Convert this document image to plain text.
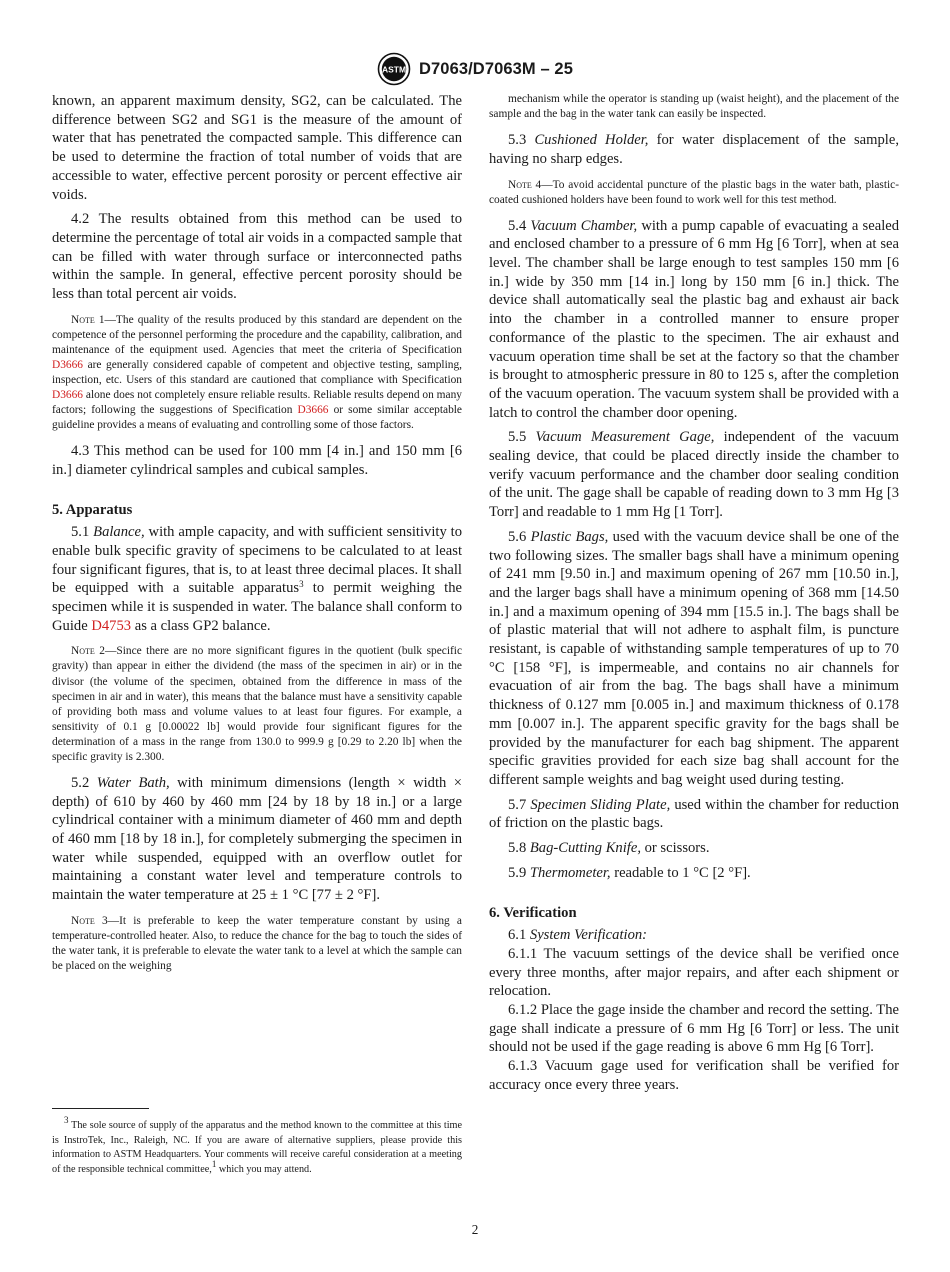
ASTM D7063/D7063M – 25

known, an apparent maximum density, SG2, can be calculated. The difference between SG2 and SG1 is the measure of the amount of water that has penetrated the compacted sample. This difference can be used to determine the fraction of total number of voids that are accessible to water, effective percent porosity or percent effective air voids.

4.2 The results obtained from this method can be used to determine the percentage of total air voids in a compacted sample that can be filled with water through surface or interconnected paths within the sample. In general, effective percent porosity should be less than total percent air voids.

Note 1—The quality of the results produced by this standard are dependent on the competence of the personnel performing the procedure and the capability, calibration, and maintenance of the equipment used. Agencies that meet the criteria of Specification D3666 are generally considered capable of competent and objective testing, sampling, inspection, etc. Users of this standard are cautioned that compliance with Specification D3666 alone does not completely ensure reliable results. Reliable results depend on many factors; following the suggestions of Specification D3666 or some similar acceptable guideline provides a means of evaluating and controlling some of those factors.

4.3 This method can be used for 100 mm [4 in.] and 150 mm [6 in.] diameter cylindrical samples and cubical samples.

5. Apparatus

5.1 Balance, with ample capacity, and with sufficient sensitivity to enable bulk specific gravity of specimens to be calculated to at least four significant figures, that is, to at least three decimal places. It shall be equipped with a suitable apparatus$^3$ to permit weighing the specimen while it is suspended in water. The balance shall conform to Guide D4753 as a class GP2 balance.

Note 2—Since there are no more significant figures in the quotient (bulk specific gravity) than appear in either the dividend (the mass of the specimen in air) or in the divisor (the volume of the specimen, obtained from the difference in mass of the specimen in air and in water), this means that the balance must have a sensitivity capable of providing both mass and volume values to at least four figures. For example, a sensitivity of 0.1 g [0.00022 lb] would provide four significant figures for the determination of a mass in the range from 130.0 to 999.9 g [0.29 to 2.20 lb] when the specific gravity is 2.300.

5.2 Water Bath, with minimum dimensions (length × width × depth) of 610 by 460 by 460 mm [24 by 18 by 18 in.] or a large cylindrical container with a minimum diameter of 460 mm and depth of 460 mm [18 by 18 in.], for completely submerging the specimen in water while suspended, equipped with an overflow outlet for maintaining a constant water level and temperature controls to maintain the water temperature at 25 ± 1 °C [77 ± 2 °F].

Note 3—It is preferable to keep the water temperature constant by using a temperature-controlled heater. Also, to reduce the chance for the bag to touch the sides of the water tank, it is preferable to elevate the water tank to a level at which the sample can be placed on the weighing

$^3$ The sole source of supply of the apparatus and the method known to the committee at this time is InstroTek, Inc., Raleigh, NC. If you are aware of alternative suppliers, please provide this information to ASTM Headquarters. Your comments will receive careful consideration at a meeting of the responsible technical committee,$^1$ which you may attend.

mechanism while the operator is standing up (waist height), and the placement of the sample and the bag in the water tank can easily be inspected.

5.3 Cushioned Holder, for water displacement of the sample, having no sharp edges.

Note 4—To avoid accidental puncture of the plastic bags in the water bath, plastic-coated cushioned holders have been found to work well for this test method.

5.4 Vacuum Chamber, with a pump capable of evacuating a sealed and enclosed chamber to a pressure of 6 mm Hg [6 Torr], when at sea level. The chamber shall be large enough to test samples 150 mm [6 in.] wide by 350 mm [14 in.] long by 150 mm [6 in.] thick. The device shall automatically seal the plastic bag and exhaust air back into the chamber in a controlled manner to ensure proper conformance of the plastic to the specimen. The air exhaust and vacuum operation time shall be set at the factory so that the chamber is brought to atmospheric pressure in 80 to 125 s, after the completion of the vacuum operation. The vacuum system shall be provided with a latch to control the chamber door opening.

5.5 Vacuum Measurement Gage, independent of the vacuum sealing device, that could be placed directly inside the chamber to verify vacuum performance and the chamber door sealing condition of the unit. The gage shall be capable of reading down to 3 mm Hg [3 Torr] and readable to 1 mm Hg [1 Torr].

5.6 Plastic Bags, used with the vacuum device shall be one of the two following sizes. The smaller bags shall have a minimum opening of 241 mm [9.50 in.] and maximum opening of 267 mm [10.50 in.], and the larger bags shall have a minimum opening of 368 mm [14.50 in.] and a maximum opening of 394 mm [15.5 in.]. The bags shall be of plastic material that will not adhere to asphalt film, is puncture resistant, is capable of withstanding sample temperatures of up to 70 °C [158 °F], is impermeable, and contains no air channels for evacuation of air from the bag. The bags shall have a minimum thickness of 0.127 mm [0.005 in.] and maximum thickness of 0.178 mm [0.007 in.]. The apparent specific gravity for the bags shall be provided by the manufacturer for each bag shipment. The apparent specific gravities provided for each size bag shall account for the different sample weights and bag weight used during testing.

5.7 Specimen Sliding Plate, used within the chamber for reduction of friction on the plastic bags.

5.8 Bag-Cutting Knife, or scissors.

5.9 Thermometer, readable to 1 °C [2 °F].

6. Verification

6.1 System Verification:

6.1.1 The vacuum settings of the device shall be verified once every three months, after major repairs, and after each shipment or relocation.

6.1.2 Place the gage inside the chamber and record the setting. The gage shall indicate a pressure of 6 mm Hg [6 Torr] or less. The unit should not be used if the gage reading is above 6 mm Hg [6 Torr].

6.1.3 Vacuum gage used for verification shall be verified for accuracy once every three years.

2
